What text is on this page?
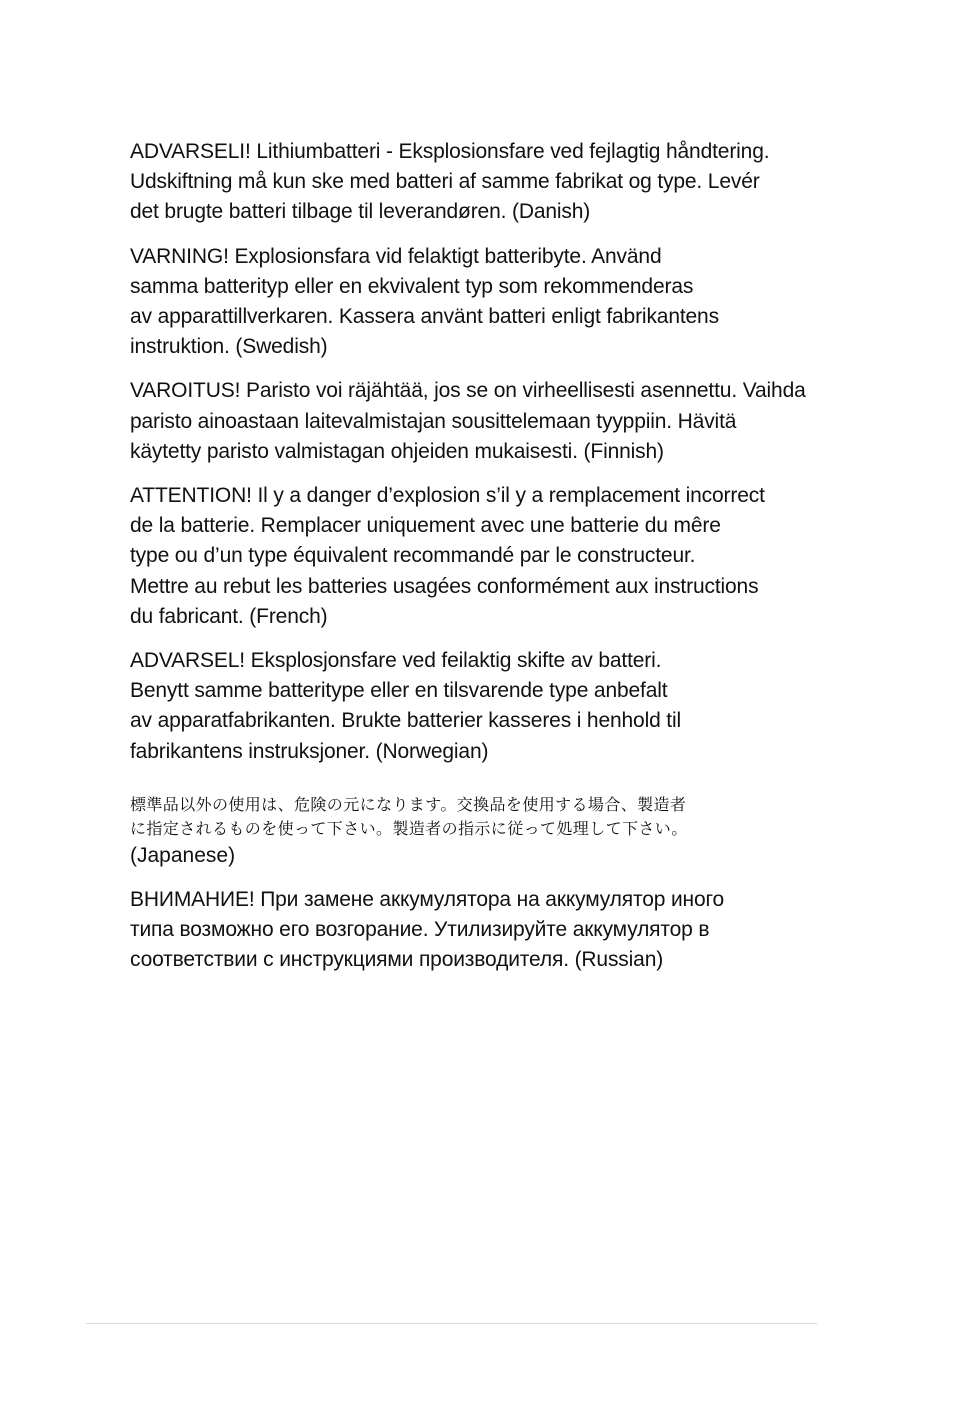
ADVARSELI! Lithiumbatteri - Eksplosionsfare ved fejlagtig håndtering.
Udskiftning må kun ske med batteri af samme fabrikat og type. Levér
det brugte batteri tilbage til leverandøren. (Danish)
VARNING! Explosionsfara vid felaktigt batteribyte. Använd
samma batterityp eller en ekvivalent typ som rekommenderas
av apparattillverkaren. Kassera använt batteri enligt fabrikantens
instruktion. (Swedish)
VAROITUS! Paristo voi räjähtää, jos se on virheellisesti asennettu. Vaihda
paristo ainoastaan laitevalmistajan sousittelemaan tyyppiin. Hävitä
käytetty paristo valmistagan ohjeiden mukaisesti. (Finnish)
ATTENTION! Il y a danger d’explosion s’il y a remplacement incorrect
de la batterie. Remplacer uniquement avec une batterie du mêre
type ou d’un type équivalent recommandé par le constructeur.
Mettre au rebut les batteries usagées conformément aux instructions
du fabricant. (French)
ADVARSEL! Eksplosjonsfare ved feilaktig skifte av batteri.
Benytt samme batteritype eller en tilsvarende type anbefalt
av apparatfabrikanten. Brukte batterier kasseres i henhold til
fabrikantens instruksjoner. (Norwegian)
標準品以外の使用は、危険の元になります。交換品を使用する場合、製造者
に指定されるものを使って下さい。製造者の指示に従って処理して下さい。
(Japanese)
ВНИМАНИЕ! При замене аккумулятора на аккумулятор иного
типа возможно его возгорание. Утилизируйте аккумулятор в
соответствии с инструкциями производителя. (Russian)
